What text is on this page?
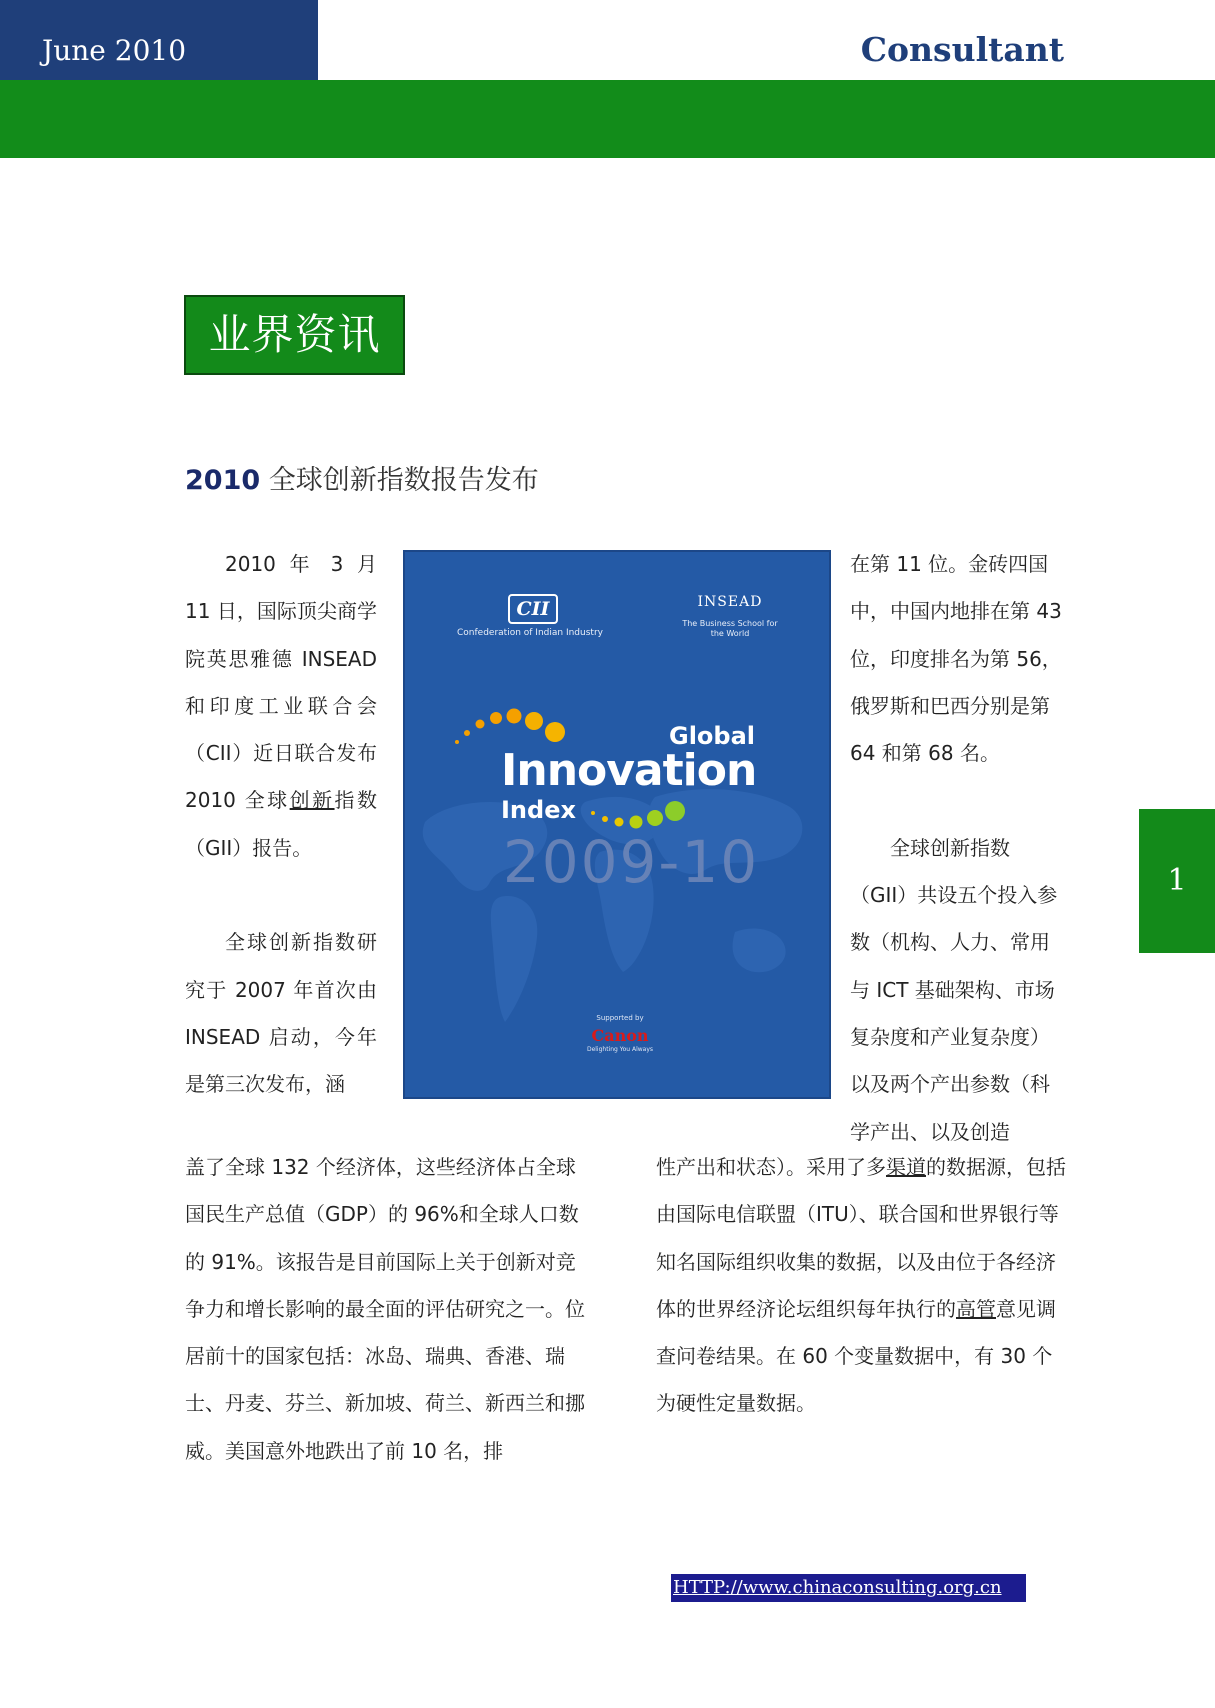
June 2010	Consultant
业界资讯
2010 全球创新指数报告发布

2010 年 3 月 11 日，国际顶尖商学院英思雅德 INSEAD 和印度工业联合会（CII）近日联合发布 2010 全球创新指数（GII）报告。

全球创新指数研究于 2007 年首次由 INSEAD 启动，今年是第三次发布，涵

CII
Confederation of Indian Industry
INSEAD
The Business School for the World
Global
Innovation
Index
2009-10
Supported by
Canon
Delighting You Always

在第 11 位。金砖四国中，中国内地排在第 43 位，印度排名为第 56，俄罗斯和巴西分别是第 64 和第 68 名。

全球创新指数（GII）共设五个投入参数（机构、人力、常用与 ICT 基础架构、市场复杂度和产业复杂度）以及两个产出参数（科学产出、以及创造

盖了全球 132 个经济体，这些经济体占全球国民生产总值（GDP）的 96%和全球人口数的 91%。该报告是目前国际上关于创新对竞争力和增长影响的最全面的评估研究之一。位居前十的国家包括：冰岛、瑞典、香港、瑞士、丹麦、芬兰、新加坡、荷兰、新西兰和挪威。美国意外地跌出了前 10 名，排

性产出和状态）。采用了多渠道的数据源，包括由国际电信联盟（ITU）、联合国和世界银行等知名国际组织收集的数据，以及由位于各经济体的世界经济论坛组织每年执行的高管意见调查问卷结果。在 60 个变量数据中，有 30 个为硬性定量数据。

1
HTTP://www.chinaconsulting.org.cn
